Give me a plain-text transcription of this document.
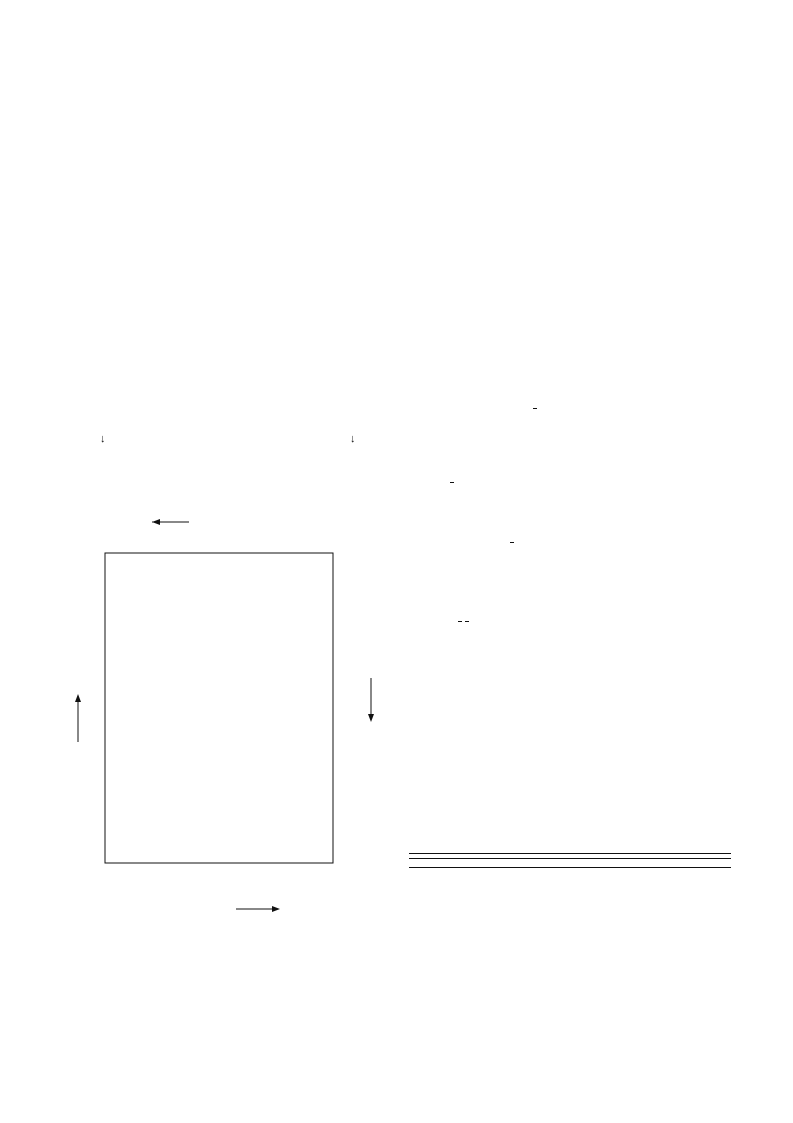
↓	↓
